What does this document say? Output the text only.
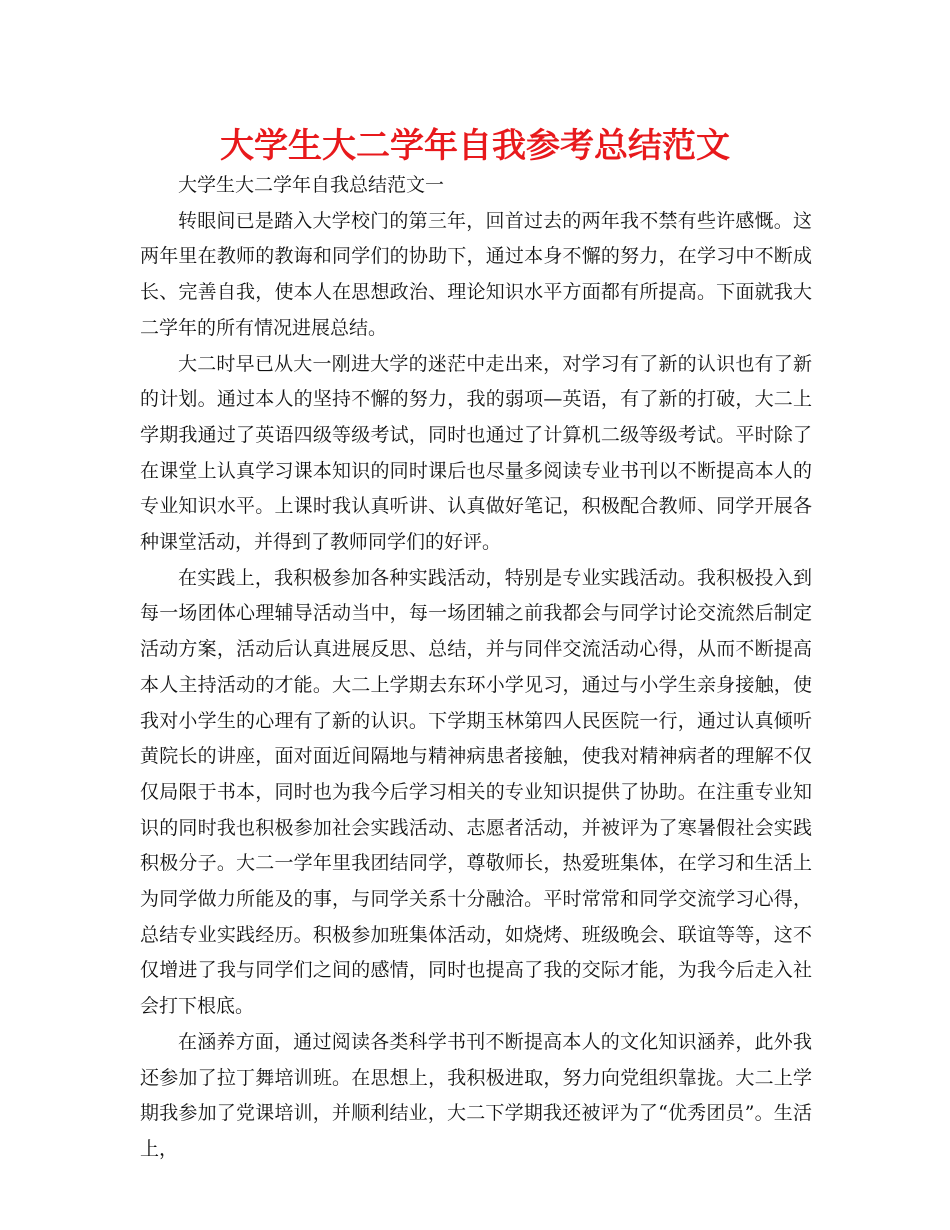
大学生大二学年自我参考总结范文

大学生大二学年自我总结范文一

转眼间已是踏入大学校门的第三年，回首过去的两年我不禁有些许感慨。这两年里在教师的教诲和同学们的协助下，通过本身不懈的努力，在学习中不断成长、完善自我，使本人在思想政治、理论知识水平方面都有所提高。下面就我大二学年的所有情况进展总结。

大二时早已从大一刚进大学的迷茫中走出来，对学习有了新的认识也有了新的计划。通过本人的坚持不懈的努力，我的弱项—英语，有了新的打破，大二上学期我通过了英语四级等级考试，同时也通过了计算机二级等级考试。平时除了在课堂上认真学习课本知识的同时课后也尽量多阅读专业书刊以不断提高本人的专业知识水平。上课时我认真听讲、认真做好笔记，积极配合教师、同学开展各种课堂活动，并得到了教师同学们的好评。

在实践上，我积极参加各种实践活动，特别是专业实践活动。我积极投入到每一场团体心理辅导活动当中，每一场团辅之前我都会与同学讨论交流然后制定活动方案，活动后认真进展反思、总结，并与同伴交流活动心得，从而不断提高本人主持活动的才能。大二上学期去东环小学见习，通过与小学生亲身接触，使我对小学生的心理有了新的认识。下学期玉林第四人民医院一行，通过认真倾听黄院长的讲座，面对面近间隔地与精神病患者接触，使我对精神病者的理解不仅仅局限于书本，同时也为我今后学习相关的专业知识提供了协助。在注重专业知识的同时我也积极参加社会实践活动、志愿者活动，并被评为了寒暑假社会实践积极分子。大二一学年里我团结同学，尊敬师长，热爱班集体，在学习和生活上为同学做力所能及的事，与同学关系十分融洽。平时常常和同学交流学习心得，总结专业实践经历。积极参加班集体活动，如烧烤、班级晚会、联谊等等，这不仅增进了我与同学们之间的感情，同时也提高了我的交际才能，为我今后走入社会打下根底。

在涵养方面，通过阅读各类科学书刊不断提高本人的文化知识涵养，此外我还参加了拉丁舞培训班。在思想上，我积极进取，努力向党组织靠拢。大二上学期我参加了党课培训，并顺利结业，大二下学期我还被评为了“优秀团员”。生活上，
